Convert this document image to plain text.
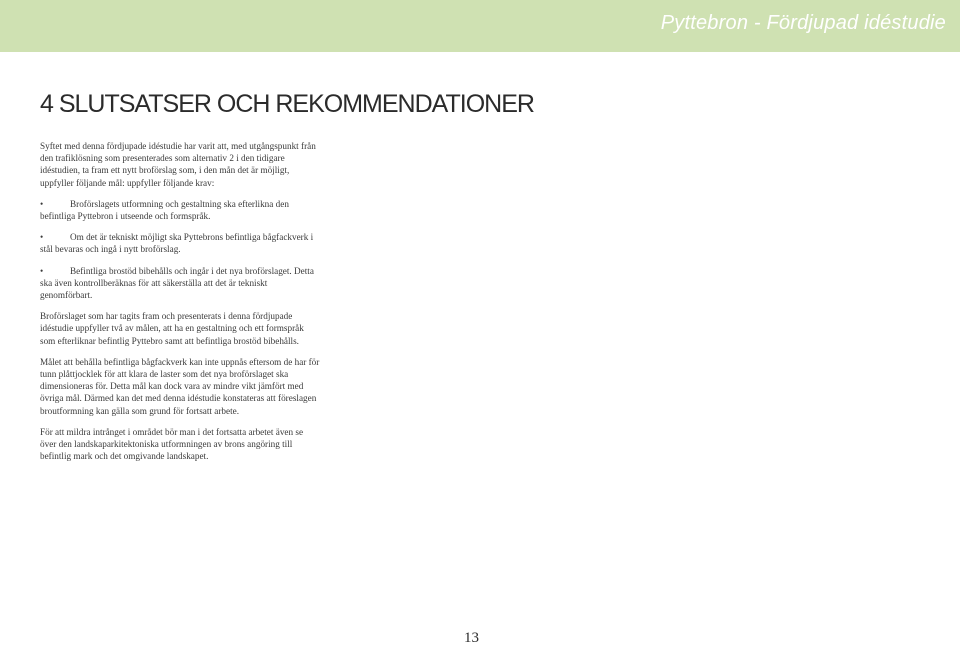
Pyttebron - Fördjupad idéstudie
4 SLUTSATSER OCH REKOMMENDATIONER

Syftet med denna fördjupade idéstudie har varit att, med utgångspunkt från den trafiklösning som presenterades som alternativ 2 i den tidigare idéstudien, ta fram ett nytt broförslag som, i den mån det är möjligt, uppfyller följande mål: uppfyller följande krav:

•	Broförslagets utformning och gestaltning ska efterlikna den befintliga Pyttebron i utseende och formspråk.

•	Om det är tekniskt möjligt ska Pyttebrons befintliga bågfackverk i stål bevaras och ingå i nytt broförslag.

•	Befintliga brostöd bibehålls och ingår i det nya broförslaget. Detta ska även kontrollberäknas för att säkerställa att det är tekniskt genomförbart.

Broförslaget som har tagits fram och presenterats i denna fördjupade idéstudie uppfyller två av målen, att ha en gestaltning och ett formspråk som efterliknar befintlig Pyttebro samt att befintliga brostöd bibehålls.

Målet att behålla befintliga bågfackverk kan inte uppnås eftersom de har för tunn plåttjocklek för att klara de laster som det nya broförslaget ska dimensioneras för. Detta mål kan dock vara av mindre vikt jämfört med övriga mål. Därmed kan det med denna idéstudie konstateras att föreslagen broutformning kan gälla som grund för fortsatt arbete.

För att mildra intrånget i området bör man i det fortsatta arbetet även se över den landskaparkitektoniska utformningen av brons angöring till befintlig mark och det omgivande landskapet.

13
